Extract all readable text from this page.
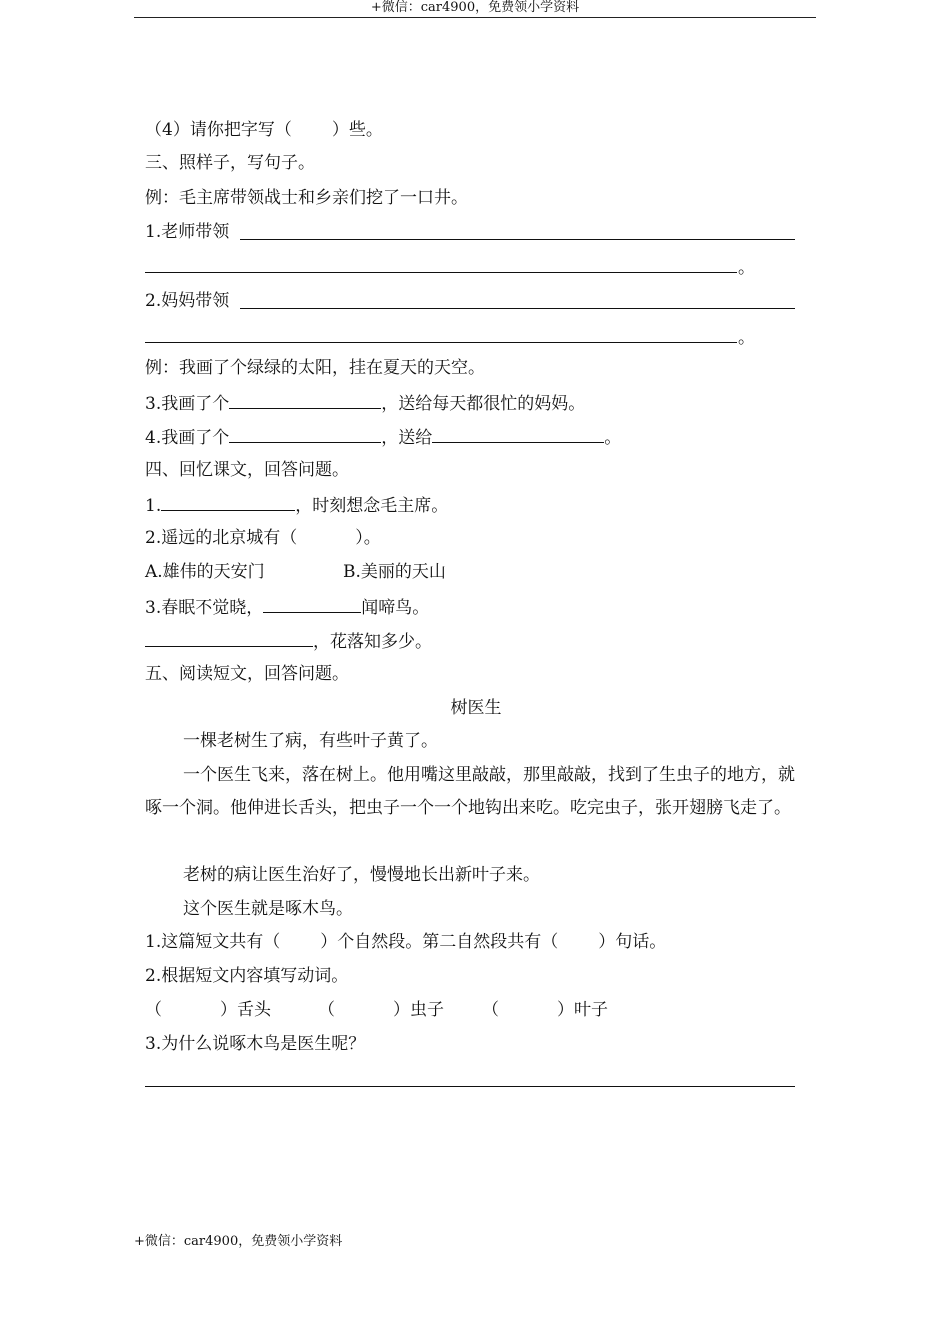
+微信：car4900，免费领小学资料
（4）请你把字写（ ）些。
三、照样子，写句子。
例：毛主席带领战士和乡亲们挖了一口井。
1.老师带领
。
2.妈妈带领
。
例：我画了个绿绿的太阳，挂在夏天的天空。
3.我画了个	，送给每天都很忙的妈妈。
4.我画了个	，送给	。
四、回忆课文，回答问题。
1.	，时刻想念毛主席。
2.遥远的北京城有（	）。
A.雄伟的天安门	B.美丽的天山
3.春眠不觉晓，	闻啼鸟。
，花落知多少。
五、阅读短文，回答问题。
树医生
一棵老树生了病，有些叶子黄了。
一个医生飞来，落在树上。他用嘴这里敲敲，那里敲敲，找到了生虫子的地方，就啄一个洞。他伸进长舌头，把虫子一个一个地钩出来吃。吃完虫子，张开翅膀飞走了。
老树的病让医生治好了，慢慢地长出新叶子来。
这个医生就是啄木鸟。
1.这篇短文共有（ ）个自然段。第二自然段共有（ ）句话。
2.根据短文内容填写动词。
（	）舌头	（	）虫子 （	）叶子
3.为什么说啄木鸟是医生呢？
+微信：car4900，免费领小学资料
